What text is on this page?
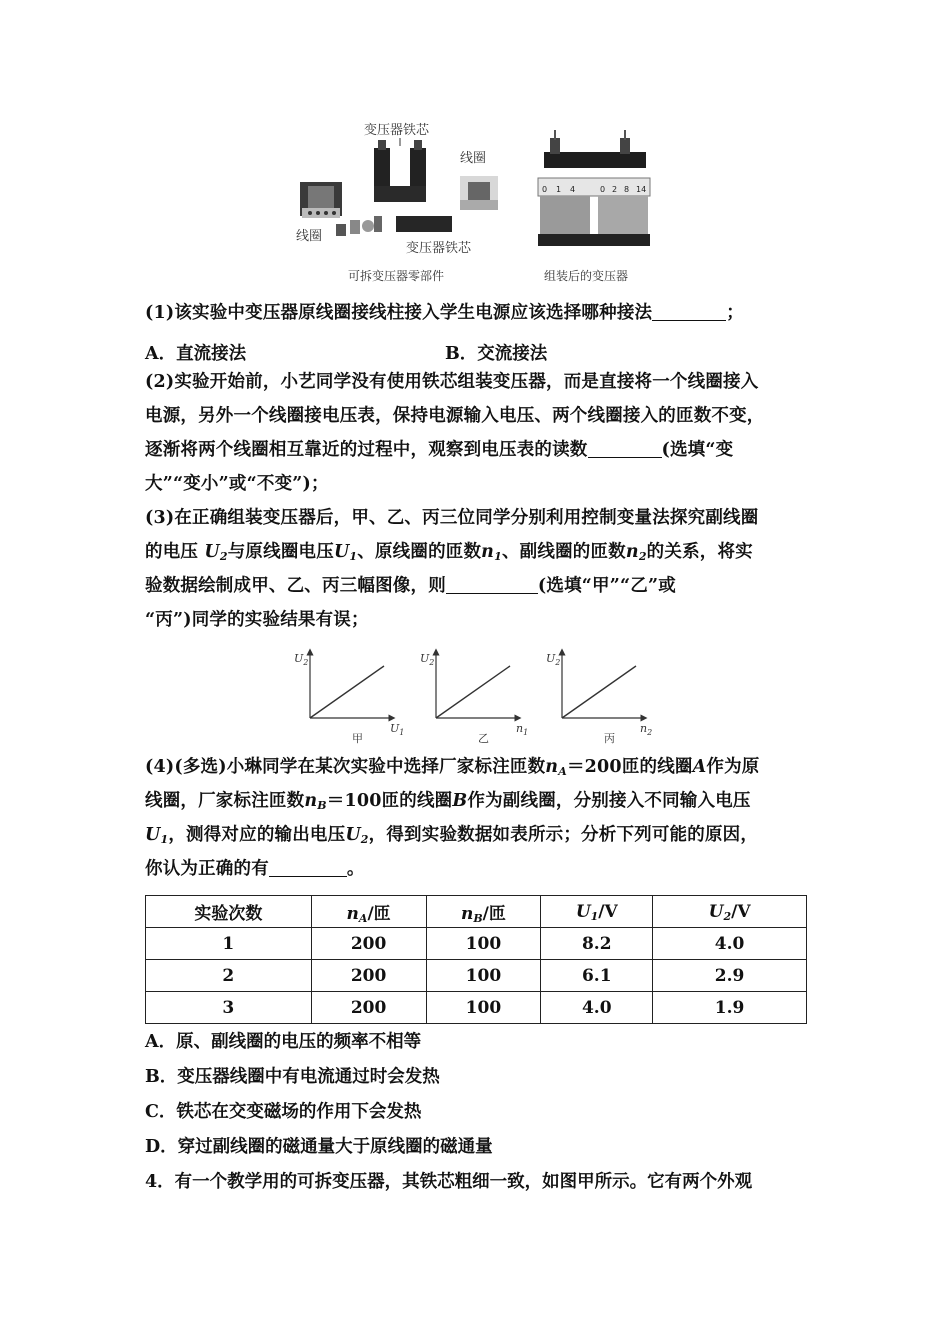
0 1 4	0 2 8 14
变压器铁芯
线圈
线圈
变压器铁芯
可拆变压器零部件	组装后的变压器

(1)该实验中变压器原线圈接线柱接入学生电源应该选择哪种接法	；

A．直流接法	B．交流接法

(2)实验开始前，小艺同学没有使用铁芯组装变压器，而是直接将一个线圈接入

电源，另外一个线圈接电压表，保持电源输入电压、两个线圈接入的匝数不变，

逐渐将两个线圈相互靠近的过程中，观察到电压表的读数	(选填“变

大”“变小”或“不变”)；

(3)在正确组装变压器后，甲、乙、丙三位同学分别利用控制变量法探究副线圈

的电压 $U_2$与原线圈电压$U_1$、原线圈的匝数$n_1$、副线圈的匝数$n_2$的关系，将实

验数据绘制成甲、乙、丙三幅图像，则	(选填“甲”“乙”或

“丙”)同学的实验结果有误；

$U_2$
$U_1$
甲
$U_2$
$n_1$
乙
$U_2$
$n_2$
丙

(4)(多选)小琳同学在某次实验中选择厂家标注匝数$n_A=200$匝的线圈A作为原

线圈，厂家标注匝数$n_B=100$匝的线圈B作为副线圈，分别接入不同输入电压

$U_1$，测得对应的输出电压$U_2$，得到实验数据如表所示；分析下列可能的原因，

你认为正确的有	。

实验次数	$n_A/$匝	$n_B/$匝	$U_1/V$	$U_2/V$
1	200	100	8.2	4.0
2	200	100	6.1	2.9
3	200	100	4.0	1.9
A．原、副线圈的电压的频率不相等
B．变压器线圈中有电流通过时会发热
C．铁芯在交变磁场的作用下会发热
D．穿过副线圈的磁通量大于原线圈的磁通量
4．有一个教学用的可拆变压器，其铁芯粗细一致，如图甲所示。它有两个外观
